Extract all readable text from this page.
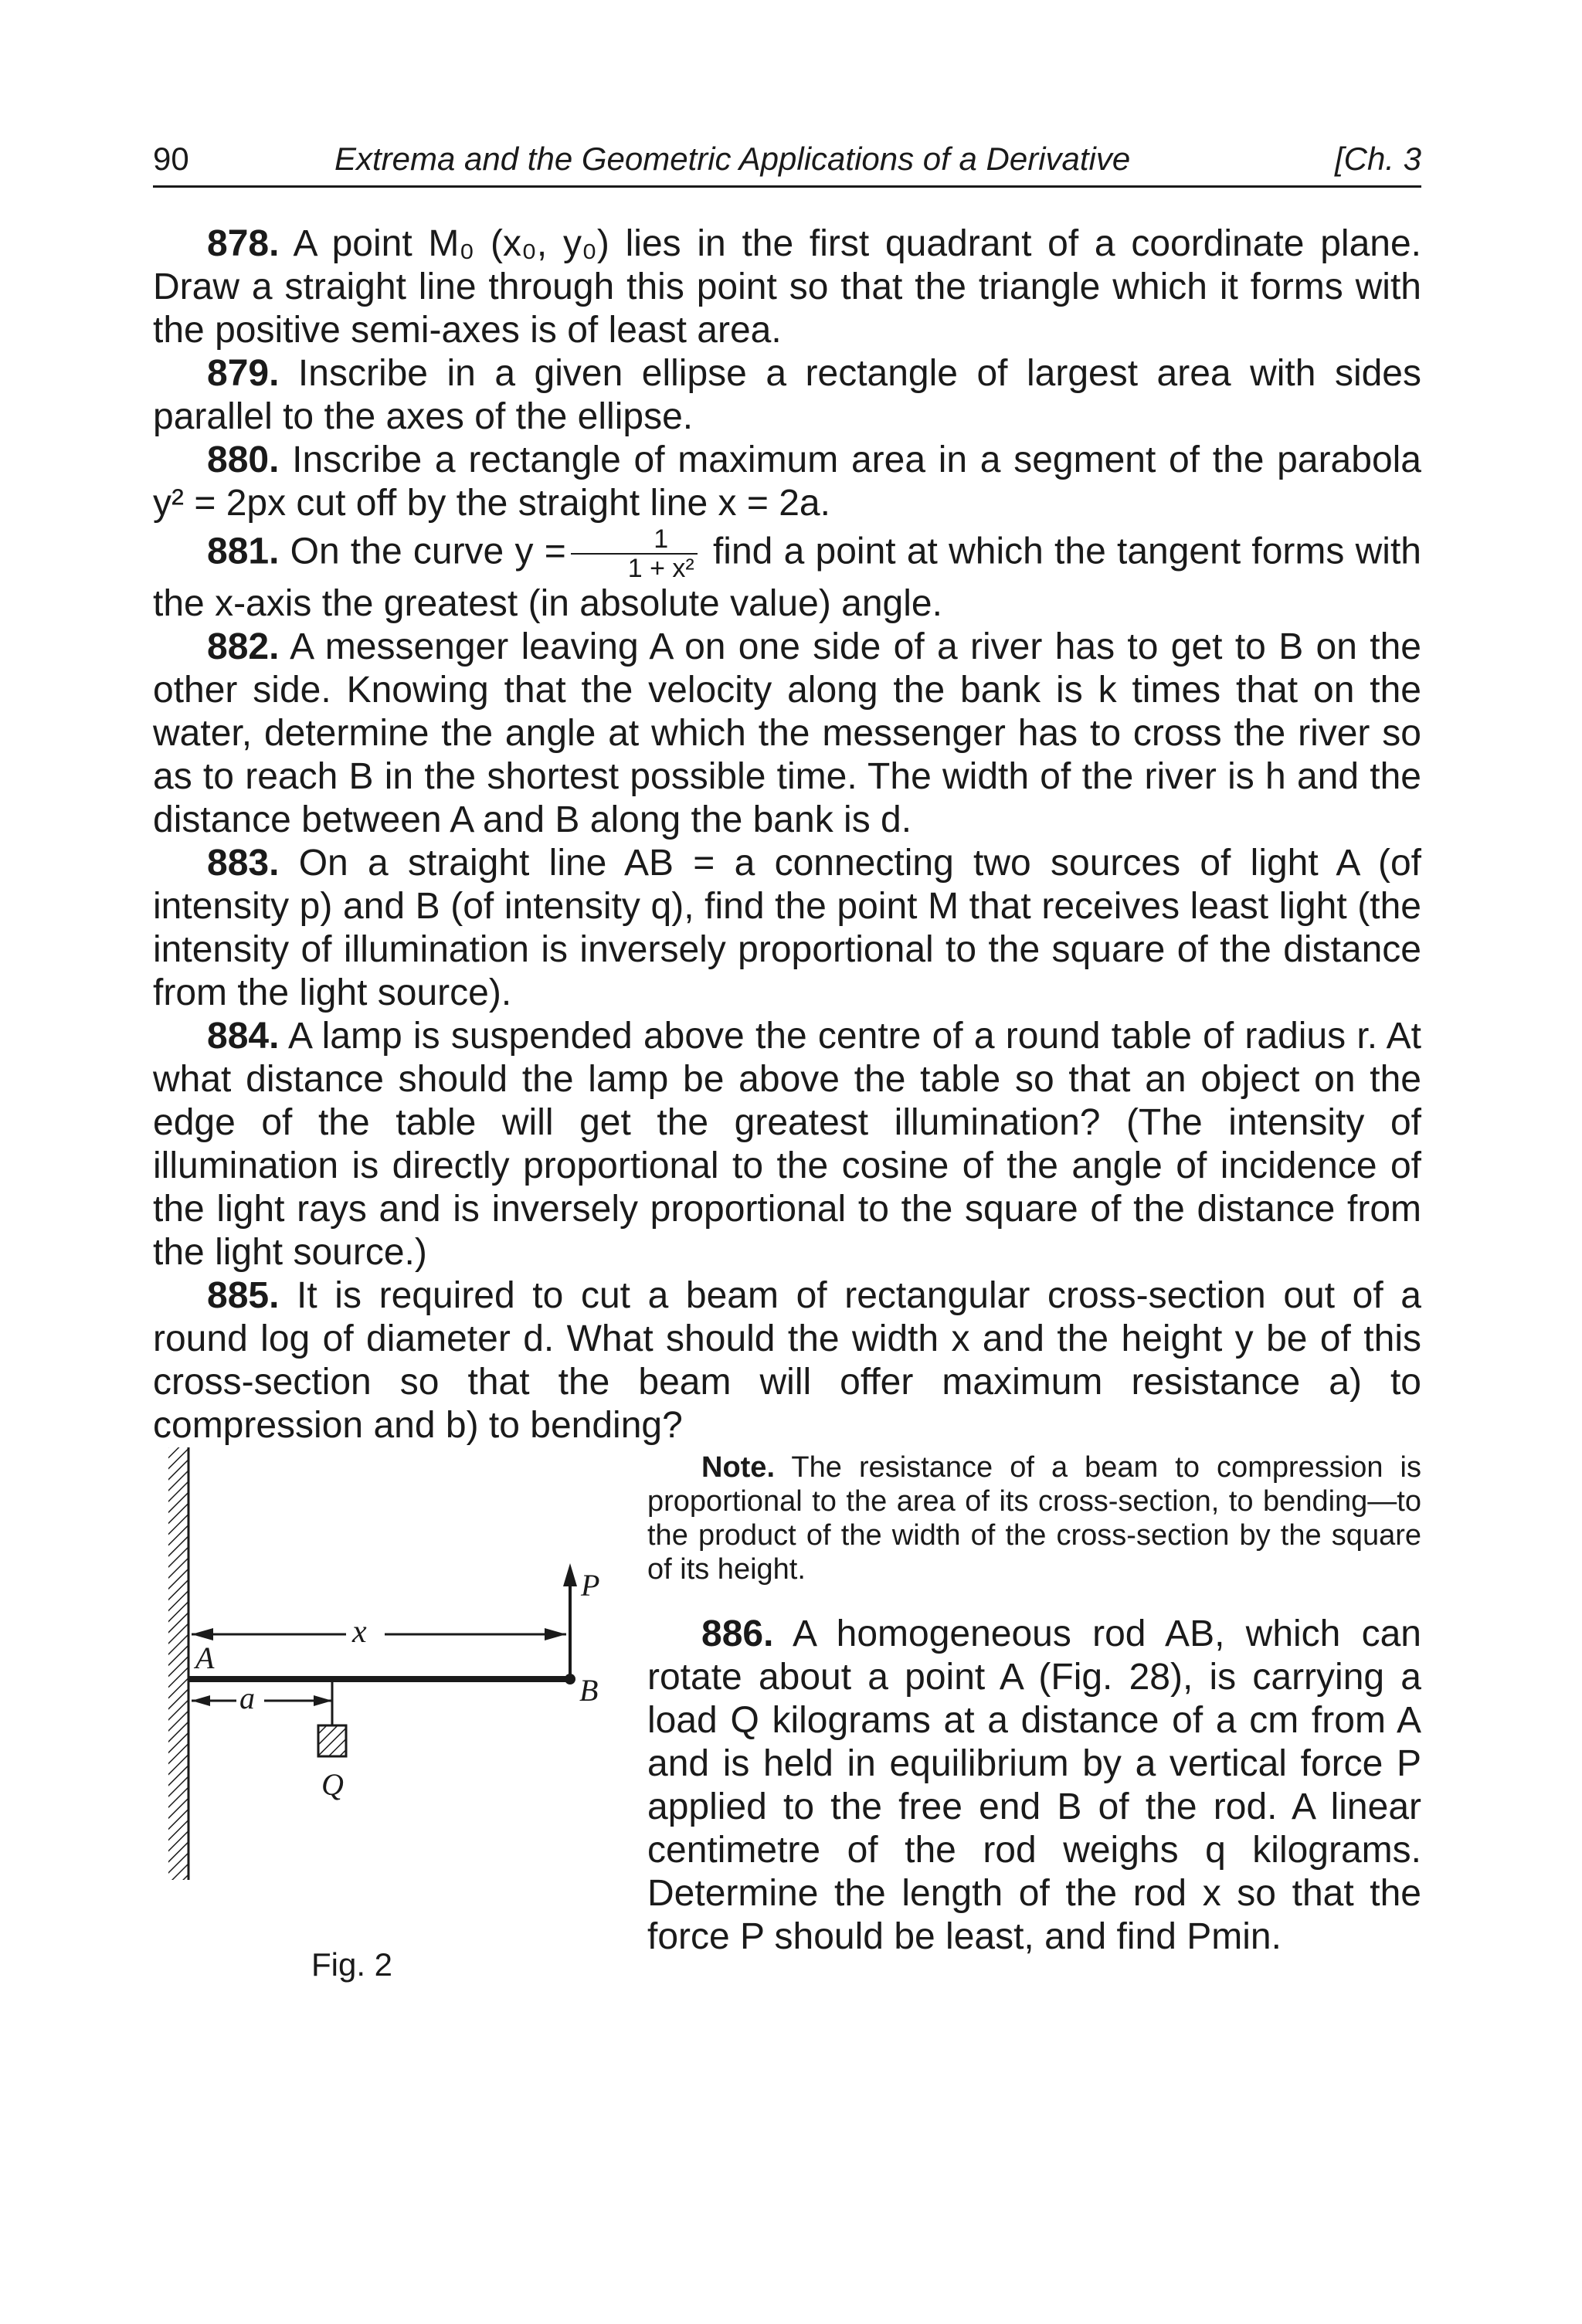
90	Extrema and the Geometric Applications of a Derivative	[Ch. 3

878. A point M₀ (x₀, y₀) lies in the first quadrant of a coordinate plane. Draw a straight line through this point so that the triangle which it forms with the positive semi-axes is of least area.

879. Inscribe in a given ellipse a rectangle of largest area with sides parallel to the axes of the ellipse.

880. Inscribe a rectangle of maximum area in a segment of the parabola y² = 2px cut off by the straight line x = 2a.

881. On the curve $y = \frac{1}{\text{1 + x²}}$ find a point at which the tangent forms with the x-axis the greatest (in absolute value) angle.

882. A messenger leaving A on one side of a river has to get to B on the other side. Knowing that the velocity along the bank is k times that on the water, determine the angle at which the messenger has to cross the river so as to reach B in the shortest possible time. The width of the river is h and the distance between A and B along the bank is d.

883. On a straight line AB = a connecting two sources of light A (of intensity p) and B (of intensity q), find the point M that receives least light (the intensity of illumination is inversely proportional to the square of the distance from the light source).

884. A lamp is suspended above the centre of a round table of radius r. At what distance should the lamp be above the table so that an object on the edge of the table will get the greatest illumination? (The intensity of illumination is directly proportional to the cosine of the angle of incidence of the light rays and is inversely proportional to the square of the distance from the light source.)

885. It is required to cut a beam of rectangular cross-section out of a round log of diameter d. What should the width x and the height y be of this cross-section so that the beam will offer maximum resistance a) to compression and b) to bending?

x
A
B
P
a
Q
Fig. 2

Note. The resistance of a beam to compression is proportional to the area of its cross-section, to bending—to the product of the width of the cross-section by the square of its height.

886. A homogeneous rod AB, which can rotate about a point A (Fig. 28), is carrying a load Q kilograms at a distance of a cm from A and is held in equilibrium by a vertical force P applied to the free end B of the rod. A linear centimetre of the rod weighs q kilograms. Determine the length of the rod x so that the force P should be least, and find Pmin.
